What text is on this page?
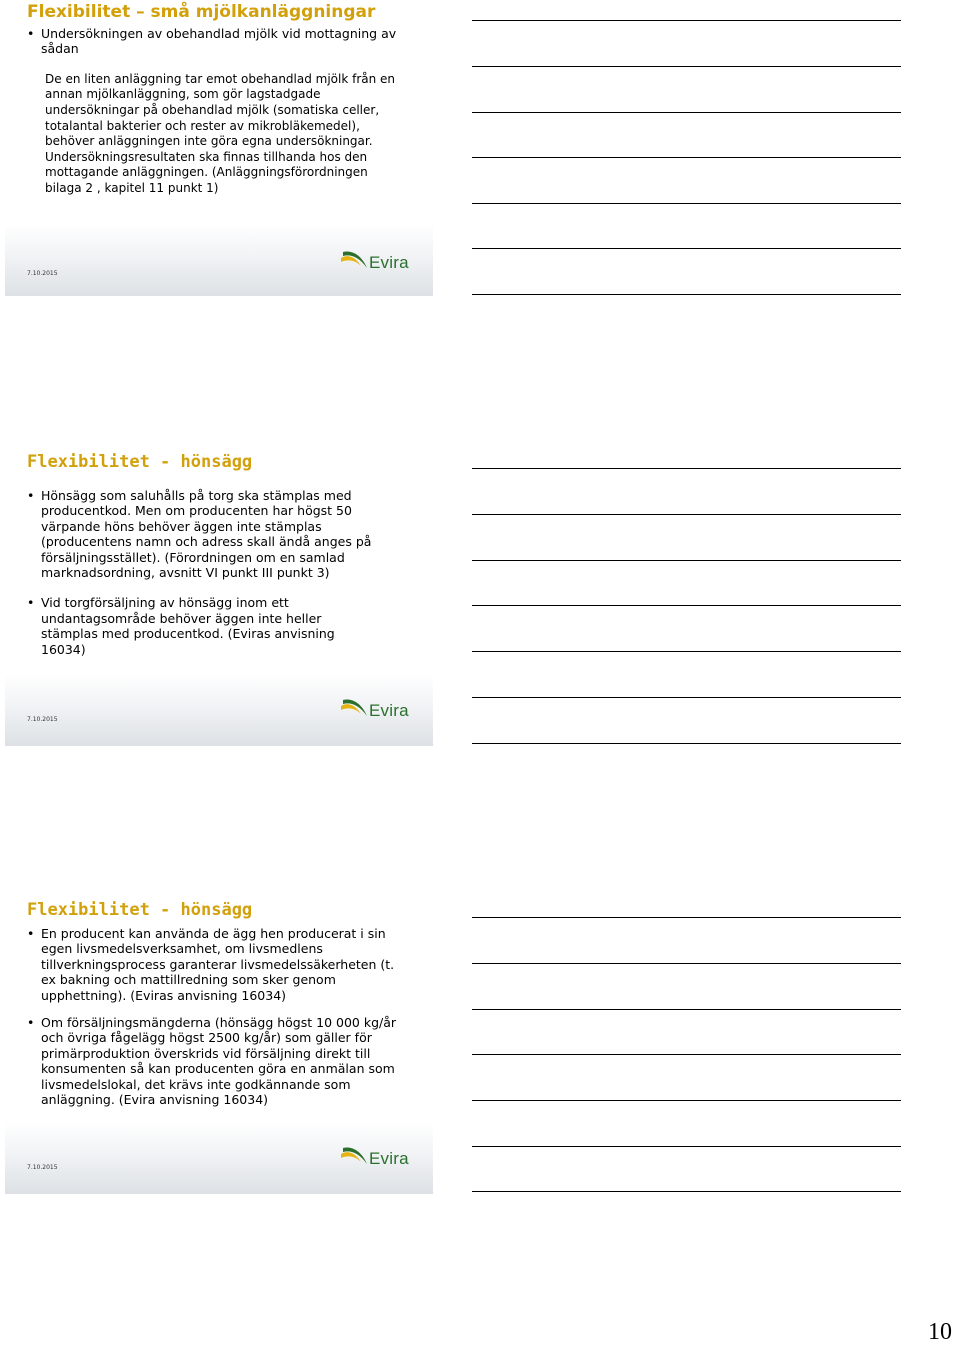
Flexibilitet – små mjölkanläggningar
• Undersökningen av obehandlad mjölk vid mottagning av sådan
De en liten anläggning tar emot obehandlad mjölk från en annan mjölkanläggning, som gör lagstadgade undersökningar på obehandlad mjölk (somatiska celler, totalantal bakterier och rester av mikrobläkemedel), behöver anläggningen inte göra egna undersökningar. Undersökningsresultaten ska finnas tillhanda hos den mottagande anläggningen. (Anläggningsförordningen bilaga 2 , kapitel 11 punkt 1)
7.10.2015
Evira
Flexibilitet - hönsägg
• Hönsägg som saluhålls på torg ska stämplas med producentkod. Men om producenten har högst 50 värpande höns behöver äggen inte stämplas (producentens namn och adress skall ändå anges på försäljningsstället). (Förordningen om en samlad marknadsordning, avsnitt VI punkt III punkt 3)
• Vid torgförsäljning av hönsägg inom ett undantagsområde behöver äggen inte heller stämplas med producentkod. (Eviras anvisning 16034)
7.10.2015	Evira
Flexibilitet - hönsägg
• En producent kan använda de ägg hen producerat i sin egen livsmedelsverksamhet, om livsmedlens tillverkningsprocess garanterar livsmedelssäkerheten (t. ex bakning och mattillredning som sker genom upphettning). (Eviras anvisning 16034)
• Om försäljningsmängderna (hönsägg högst 10 000 kg/år och övriga fågelägg högst 2500 kg/år) som gäller för primärproduktion överskrids vid försäljning direkt till konsumenten så kan producenten göra en anmälan som livsmedelslokal, det krävs inte godkännande som anläggning. (Evira anvisning 16034)
7.10.2015	Evira
10
